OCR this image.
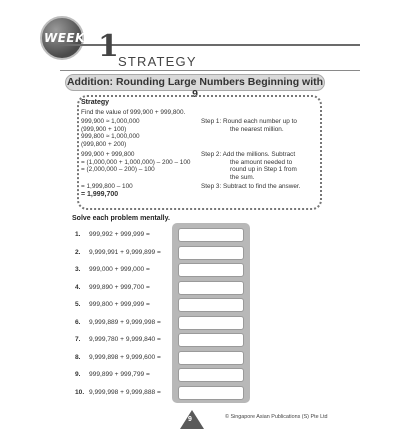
WEEK 1 STRATEGY
Addition: Rounding Large Numbers Beginning with 9
Strategy
Find the value of 999,900 + 999,800.
999,900 ≈ 1,000,000
(999,900 + 100)
999,800 ≈ 1,000,000
(999,800 + 200)
999,900 + 999,800
= (1,000,000 + 1,000,000) – 200 – 100
= (2,000,000 – 200) – 100
= 1,999,800 – 100
= 1,999,700
Step 1: Round each number up to
the nearest million.
Step 2: Add the millions. Subtract
the amount needed to
round up in Step 1 from
the sum.
Step 3: Subtract to find the answer.
Solve each problem mentally.
1. 999,992 + 999,999 =
2. 9,999,991 + 9,999,899 =
3. 999,000 + 999,000 =
4. 999,890 + 999,700 =
5. 999,800 + 999,999 =
6. 9,999,889 + 9,999,998 =
7. 9,999,780 + 9,999,840 =
8. 9,999,898 + 9,999,600 =
9. 999,899 + 999,799 =
10. 9,999,998 + 9,999,888 =
9	© Singapore Asian Publications (S) Pte Ltd
